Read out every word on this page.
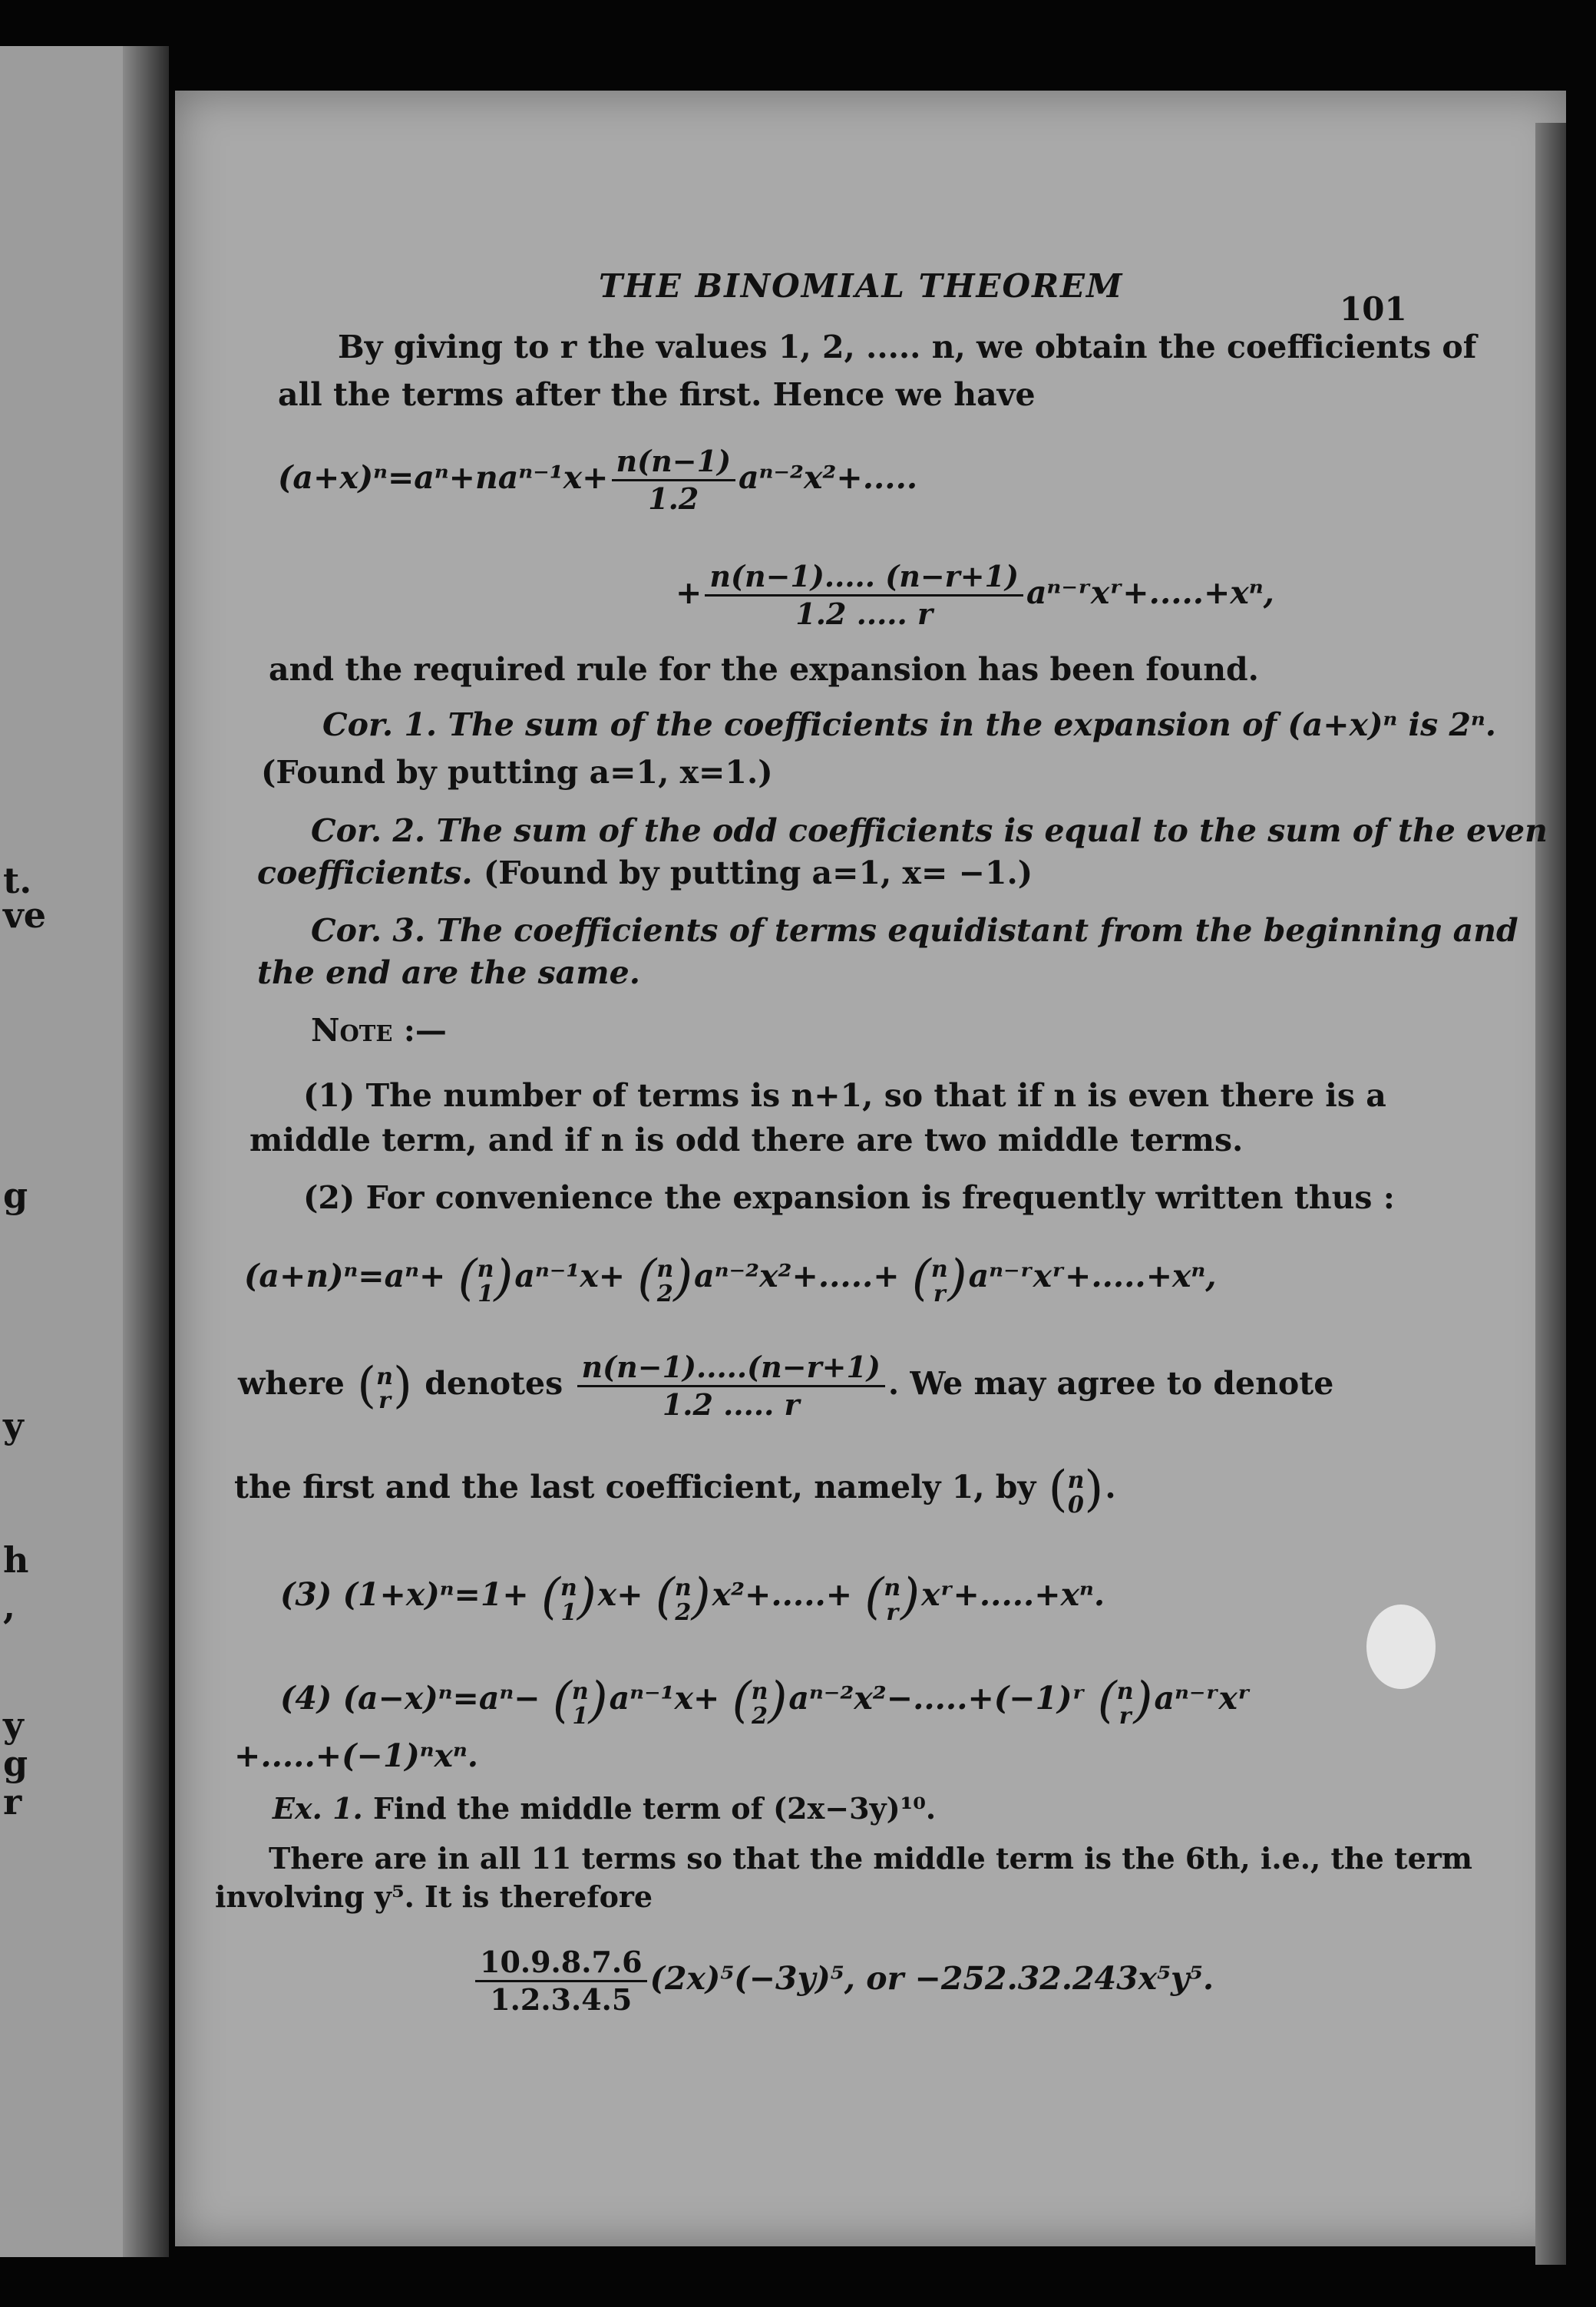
t.
ve
g
y
h
,
y
g
r
THE BINOMIAL THEOREM
101
By giving to r the values 1, 2, ..... n, we obtain the coefficients of
all the terms after the first. Hence we have
$(a+x)^n=a^n+na^{n-1}x+ \frac{n(n-1)}{1.2} a^{n-2}x^2+$.....
+ $\frac{n(n-1)..... (n-r+1)}{1.2 ..... r}$ aⁿ⁻ʳxʳ+.....+xⁿ,
and the required rule for the expansion has been found.
Cor. 1. The sum of the coefficients in the expansion of (a+x)ⁿ is 2ⁿ.
(Found by putting a=1, x=1.)
Cor. 2. The sum of the odd coefficients is equal to the sum of the even
coefficients. (Found by putting a=1, x= −1.)
Cor. 3. The coefficients of terms equidistant from the beginning and
the end are the same.
Note :—
(1) The number of terms is n+1, so that if n is even there is a
middle term, and if n is odd there are two middle terms.
(2) For convenience the expansion is frequently written thus :
(a+n)ⁿ=aⁿ+ ( n
1 )aⁿ⁻¹x+ ( n
2 )aⁿ⁻²x²+.....+ ( n
r )aⁿ⁻ʳxʳ+.....+xⁿ,
where ( n
r ) denotes $\frac{n(n-1).....(n-r+1)}{1.2 ..... r}$ . We may agree to denote
the first and the last coefficient, namely 1, by ( n
0 ).
(3) (1+x)ⁿ=1+ ( n
1 )x+ ( n
2 )x²+.....+ ( n
r )xʳ+.....+xⁿ.
(4) (a−x)ⁿ=aⁿ− ( n
1 )aⁿ⁻¹x+ ( n
2 )aⁿ⁻²x²−.....+(−1)ʳ ( n
r )aⁿ⁻ʳxʳ
+.....+(−1)ⁿxⁿ.
Ex. 1. Find the middle term of (2x−3y)¹⁰.
There are in all 11 terms so that the middle term is the 6th, i.e., the term
involving y⁵. It is therefore
$\frac{10.9.8.7.6}{1.2.3.4.5} (2x)^5(-3y)^5$, or −252.32.243x⁵y⁵.
